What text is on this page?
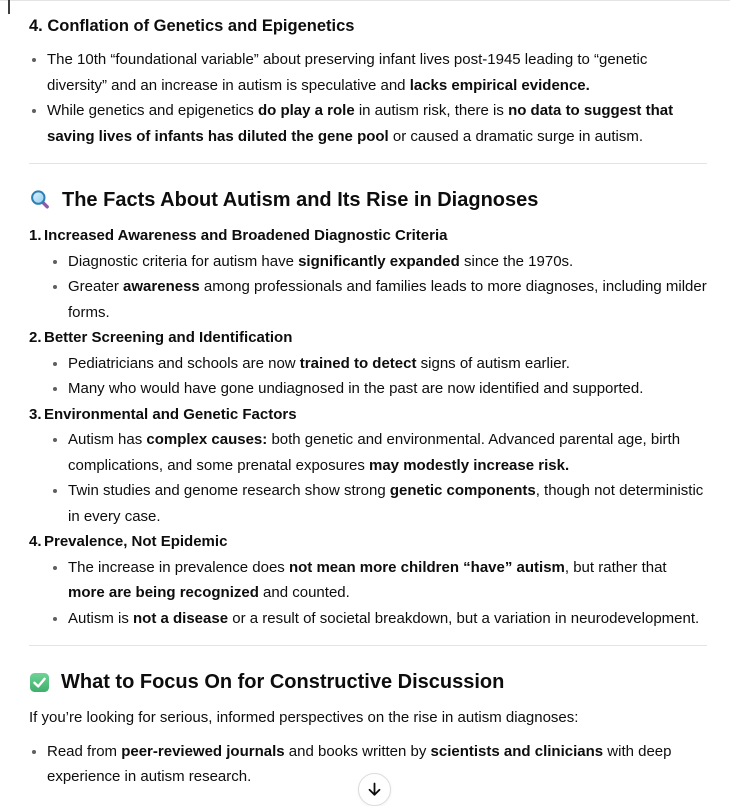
4. Conflation of Genetics and Epigenetics
• The 10th “foundational variable” about preserving infant lives post-1945 leading to “genetic diversity” and an increase in autism is speculative and lacks empirical evidence.
• While genetics and epigenetics do play a role in autism risk, there is no data to suggest that saving lives of infants has diluted the gene pool or caused a dramatic surge in autism.
The Facts About Autism and Its Rise in Diagnoses
1. Increased Awareness and Broadened Diagnostic Criteria
• Diagnostic criteria for autism have significantly expanded since the 1970s.
• Greater awareness among professionals and families leads to more diagnoses, including milder forms.
2. Better Screening and Identification
• Pediatricians and schools are now trained to detect signs of autism earlier.
• Many who would have gone undiagnosed in the past are now identified and supported.
3. Environmental and Genetic Factors
• Autism has complex causes: both genetic and environmental. Advanced parental age, birth complications, and some prenatal exposures may modestly increase risk.
• Twin studies and genome research show strong genetic components, though not deterministic in every case.
4. Prevalence, Not Epidemic
• The increase in prevalence does not mean more children “have” autism, but rather that more are being recognized and counted.
• Autism is not a disease or a result of societal breakdown, but a variation in neurodevelopment.
What to Focus On for Constructive Discussion

If you’re looking for serious, informed perspectives on the rise in autism diagnoses:

• Read from peer-reviewed journals and books written by scientists and clinicians with deep experience in autism research.
